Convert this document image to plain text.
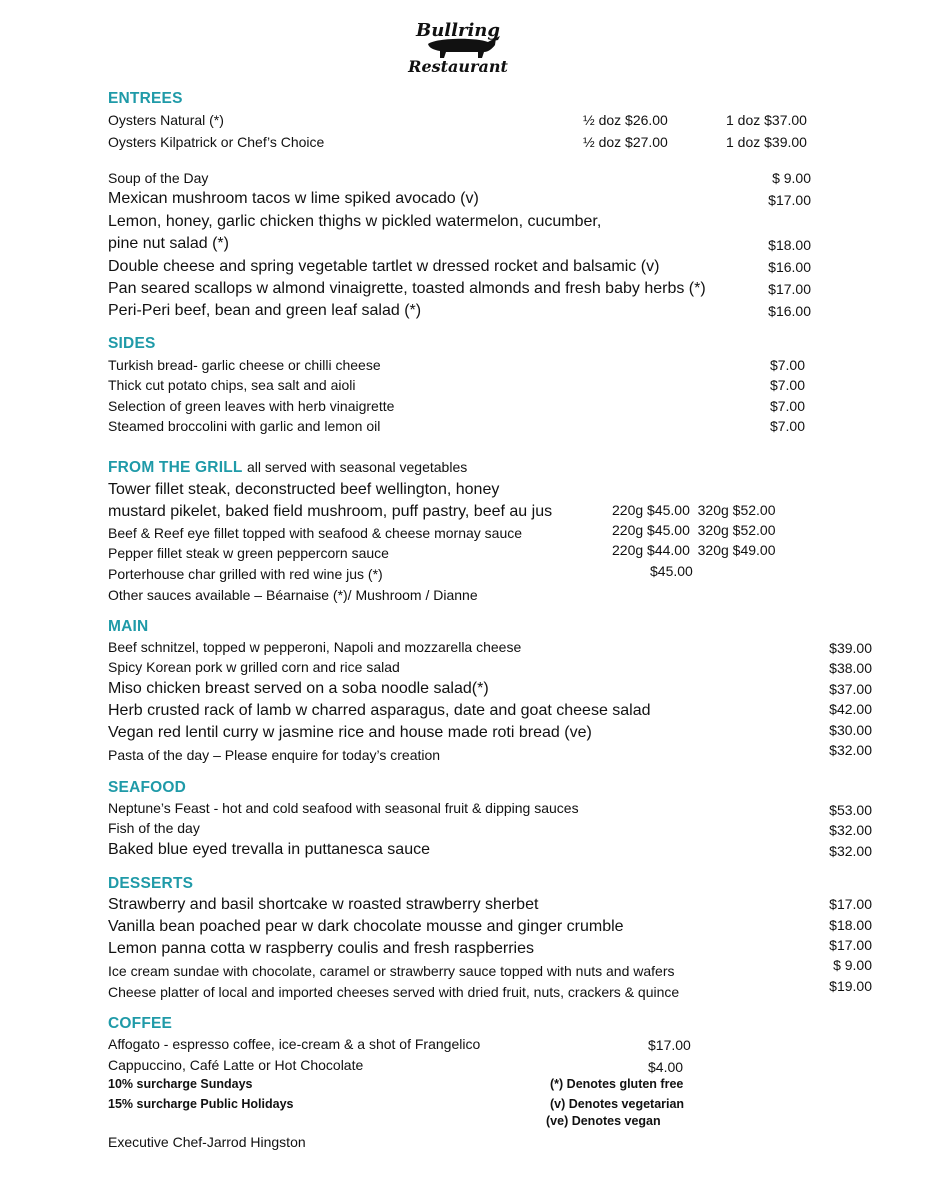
Bullring
Restaurant
ENTREES
Oysters Natural (*)	½ doz $26.00	1 doz $37.00
Oysters Kilpatrick or Chef’s Choice	½ doz $27.00	1 doz $39.00
Soup of the Day	$ 9.00
Mexican mushroom tacos w lime spiked avocado (v)	$17.00
Lemon, honey, garlic chicken thighs w pickled watermelon, cucumber,
pine nut salad (*)	$18.00
Double cheese and spring vegetable tartlet w dressed rocket and balsamic (v)	$16.00
Pan seared scallops w almond vinaigrette, toasted almonds and fresh baby herbs (*)	$17.00
Peri-Peri beef, bean and green leaf salad (*)	$16.00
SIDES
Turkish bread- garlic cheese or chilli cheese	$7.00
Thick cut potato chips, sea salt and aioli	$7.00
Selection of green leaves with herb vinaigrette	$7.00
Steamed broccolini with garlic and lemon oil	$7.00
FROM THE GRILL all served with seasonal vegetables
Tower fillet steak, deconstructed beef wellington, honey
mustard pikelet, baked field mushroom, puff pastry, beef au jus	220g $45.00  320g $52.00
Beef & Reef eye fillet topped with seafood & cheese mornay sauce	220g $45.00  320g $52.00
Pepper fillet steak w green peppercorn sauce	220g $44.00  320g $49.00
Porterhouse char grilled with red wine jus (*)	$45.00
Other sauces available – Béarnaise (*)/ Mushroom / Dianne
MAIN
Beef schnitzel, topped w pepperoni, Napoli and mozzarella cheese	$39.00
Spicy Korean pork w grilled corn and rice salad	$38.00
Miso chicken breast served on a soba noodle salad(*)	$37.00
Herb crusted rack of lamb w charred asparagus, date and goat cheese salad	$42.00
Vegan red lentil curry w jasmine rice and house made roti bread (ve)	$30.00
Pasta of the day – Please enquire for today’s creation	$32.00
SEAFOOD
Neptune’s Feast - hot and cold seafood with seasonal fruit & dipping sauces	$53.00
Fish of the day	$32.00
Baked blue eyed trevalla in puttanesca sauce	$32.00
DESSERTS
Strawberry and basil shortcake w roasted strawberry sherbet	$17.00
Vanilla bean poached pear w dark chocolate mousse and ginger crumble	$18.00
Lemon panna cotta w raspberry coulis and fresh raspberries	$17.00
Ice cream sundae with chocolate, caramel or strawberry sauce topped with nuts and wafers	$ 9.00
Cheese platter of local and imported cheeses served with dried fruit, nuts, crackers & quince	$19.00
COFFEE
Affogato - espresso coffee, ice-cream & a shot of Frangelico	$17.00
Cappuccino, Café Latte or Hot Chocolate	$4.00
10% surcharge Sundays
15% surcharge Public Holidays
(*) Denotes gluten free
(v) Denotes vegetarian
(ve) Denotes vegan
Executive Chef-Jarrod Hingston
